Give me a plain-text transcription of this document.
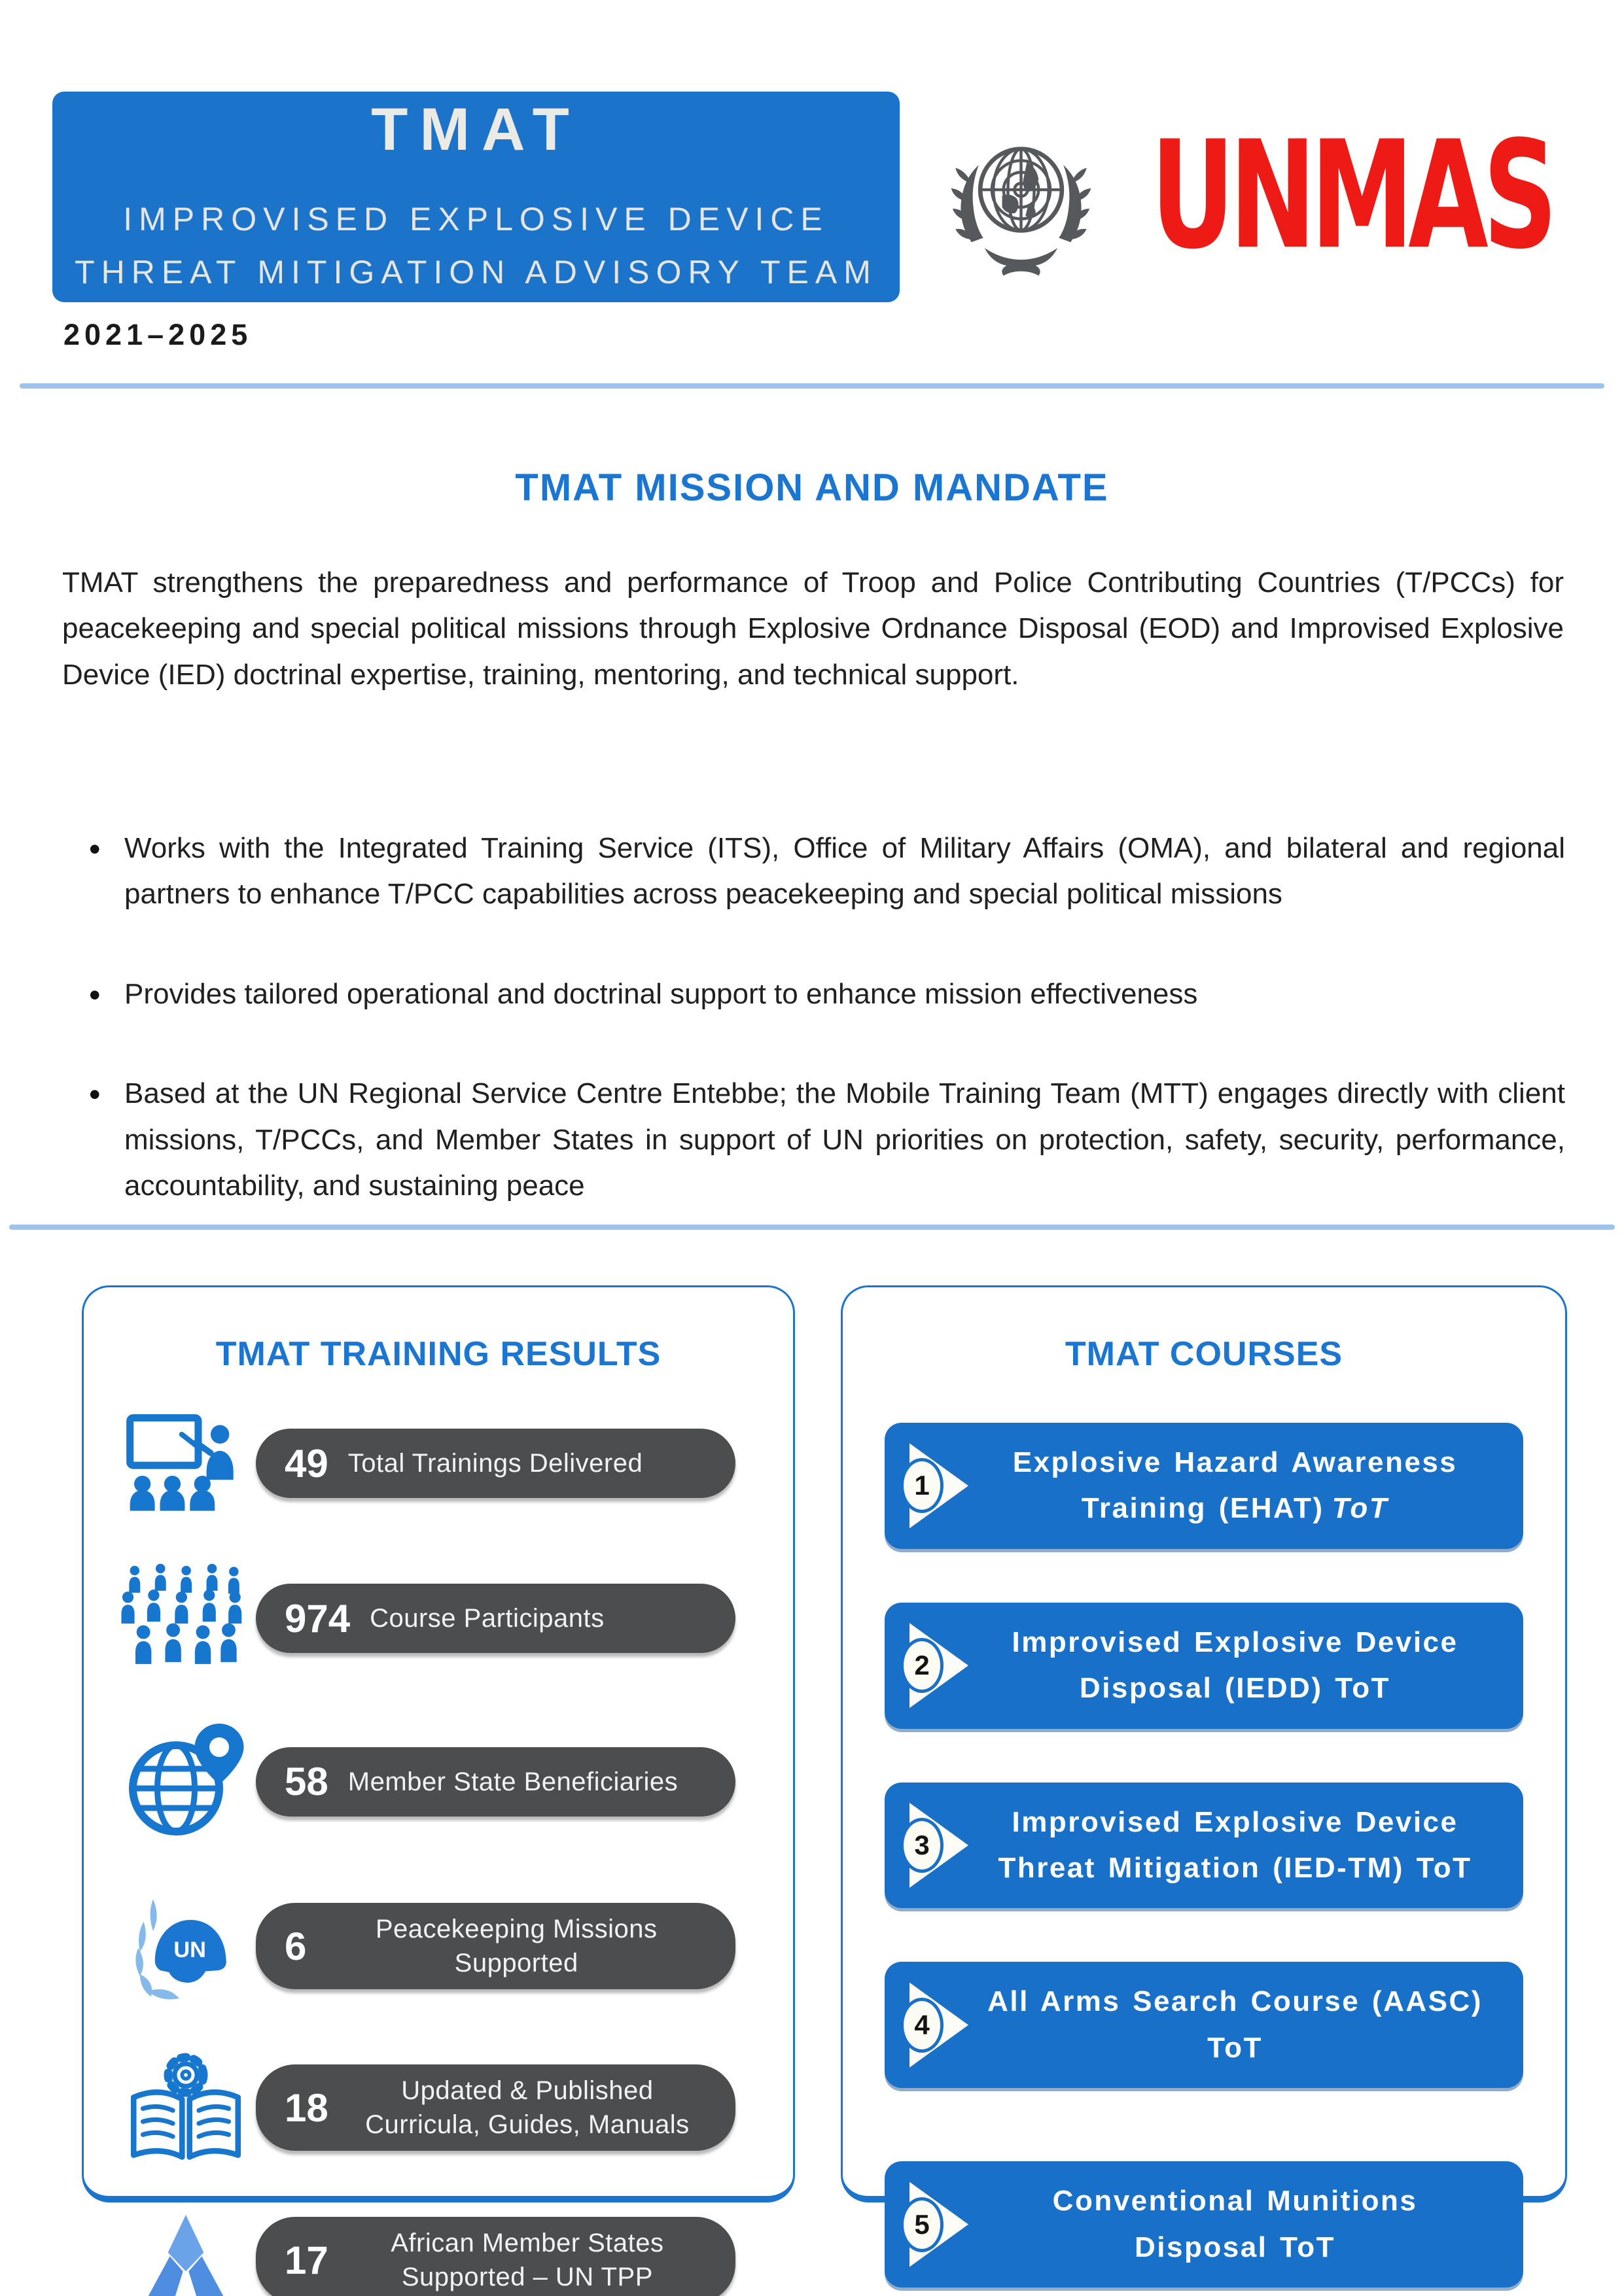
TMAT
IMPROVISED EXPLOSIVE DEVICE
THREAT MITIGATION ADVISORY TEAM UNMAS
2021–2025
TMAT MISSION AND MANDATE

TMAT strengthens the preparedness and performance of Troop and Police Contributing Countries (T/PCCs) for peacekeeping and special political missions through Explosive Ordnance Disposal (EOD) and Improvised Explosive Device (IED) doctrinal expertise, training, mentoring, and technical support.

• Works with the Integrated Training Service (ITS), Office of Military Affairs (OMA), and bilateral and regional partners to enhance T/PCC capabilities across peacekeeping and special political missions
• Provides tailored operational and doctrinal support to enhance mission effectiveness
• Based at the UN Regional Service Centre Entebbe; the Mobile Training Team (MTT) engages directly with client missions, T/PCCs, and Member States in support of UN priorities on protection, safety, security, performance, accountability, and sustaining peace
TMAT TRAINING RESULTS
49 Total Trainings Delivered
974 Course Participants
58 Member State Beneficiaries
UN 6	Peacekeeping Missions Supported
18	Updated & Published Curricula, Guides, Manuals
17	African Member States Supported – UN TPP
TMAT COURSES
1
Explosive Hazard Awareness Training (EHAT) ToT
2
Improvised Explosive Device Disposal (IEDD) ToT
3
Improvised Explosive Device Threat Mitigation (IED-TM) ToT
4
All Arms Search Course (AASC) ToT
5
Conventional Munitions Disposal ToT
